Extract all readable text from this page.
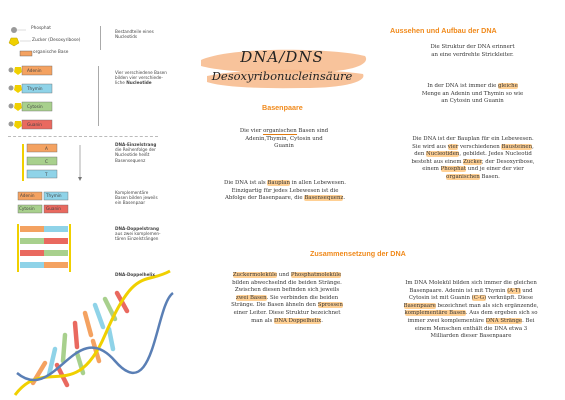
Phosphat
Zucker (Desoxyribose)
organische Base
Bestandteile eines Nucleotids
Adenin
Thymin
Cytosin
Guanin
Vier verschiedene Basen
bilden vier verschiede-
liche Nucleotide
A
C
T
DNA-Einzelstrang
die Reihenfolge der
Nucleotide heißt
Basensequenz
Adenin	Thymin
Cytosin	Guanin
Komplementäre
Basen bilden jeweils
ein Basenpaar
DNA-Doppelstrang
aus zwei komplemen-
tären Einzelsträngen
DNA-Doppelhelix
DNA/DNS
Desoxyribonucleinsäure
Basenpaare
Die vier organischen Basen sind
Adenin,Thymin, Cytosin und
Guanin
Die DNA ist als Bauplan in allen Lebewesen.
Einzigartig für jedes Lebewesen ist die
Abfolge der Basenpaare, die Basensequenz.
Aussehen und Aufbau der DNA
Die Struktur der DNA erinnert
an eine verdrehte Strickleiter.
In der DNA ist immer die gleiche
Menge an Adenin und Thymin so wie
an Cytosin und Guanin
Die DNA ist der Bauplan für ein Lebewesen.
Sie wird aus vier verschiedenen Bausteinen,
den Nucleotiden, gebildet. Jedes Nucleotid
besteht aus einem Zucker, der Desoxyribose,
einem Phosphat und je einer der vier
organischen Basen.
Zusammensetzung der DNA
Zuckermoleküle und Phosphatmoleküle
bilden abwechselnd die beiden Stränge.
Zwischen diesen befinden sich jeweils
zwei Basen. Sie verbinden die beiden
Stränge. Die Basen ähneln den Sprossen
einer Leiter. Diese Struktur bezeichnet
man als DNA Doppelhelix.
Im DNA Molekül bilden sich immer die gleichen
Basenpaare. Adenin ist mit Thymin (A-T) und
Cytosin ist mit Guanin (C-G) verknüpft. Diese
Basenpaare bezeichnet man als sich ergänzende,
komplementäre Basen. Aus dem ergeben sich so
immer zwei komplementäre DNA Stränge. Bei
einem Menschen enthält die DNA etwa 3
Milliarden dieser Basenpaare
